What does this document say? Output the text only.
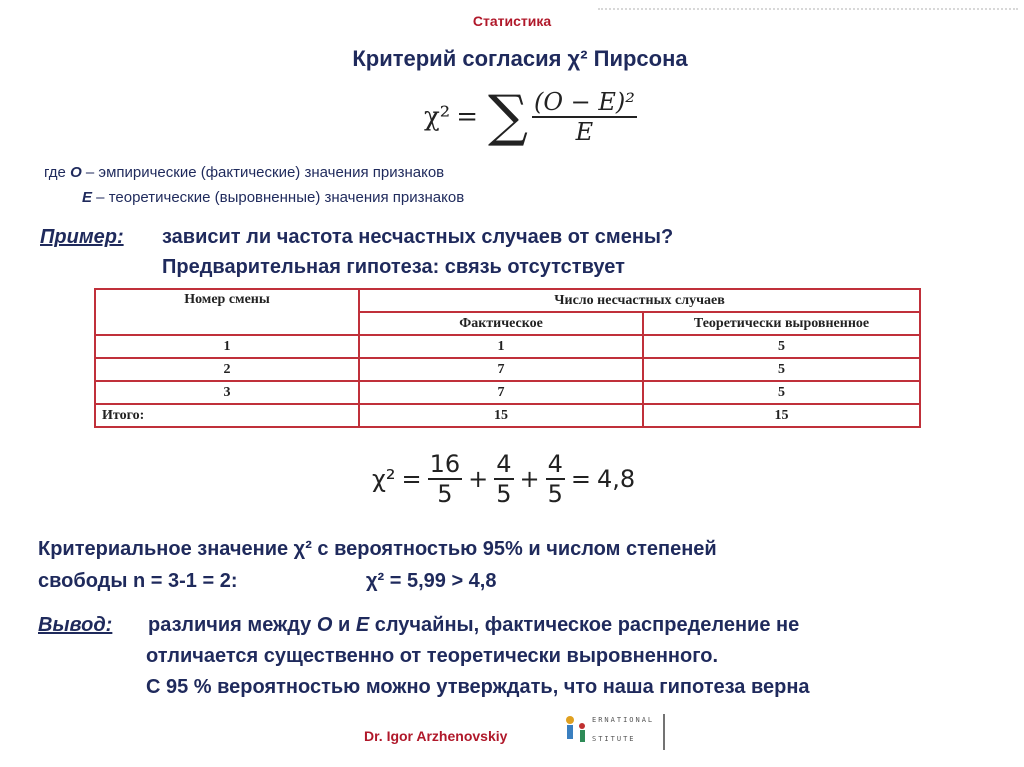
Статистика
Критерий согласия χ² Пирсона
χ² = ∑ $\frac{\text{(O − E)²}}{E}$
где О – эмпирические (фактические) значения признаков
Е – теоретические (выровненные) значения признаков
Пример: зависит ли частота несчастных случаев от смены?
Предварительная гипотеза: связь отсутствует
Номер смены	Число несчастных случаев	
	Фактическое	Теоретически выровненное
1	1	5
2	7	5
3	7	5
Итого:	15	15
$\chi^2 = \frac{16}{5} + \frac{4}{5} + \frac{4}{5} = 4,8$
Критериальное значение χ² с вероятностью 95% и числом степеней
свободы n = 3-1 = 2:	χ² = 5,99 > 4,8
Вывод: различия между О и Е случайны, фактическое распределение не
отличается существенно от теоретически выровненного.
С 95 % вероятностью можно утверждать, что наша гипотеза верна
Dr. Igor Arzhenovskiy
ERNATIONAL
STITUTE
